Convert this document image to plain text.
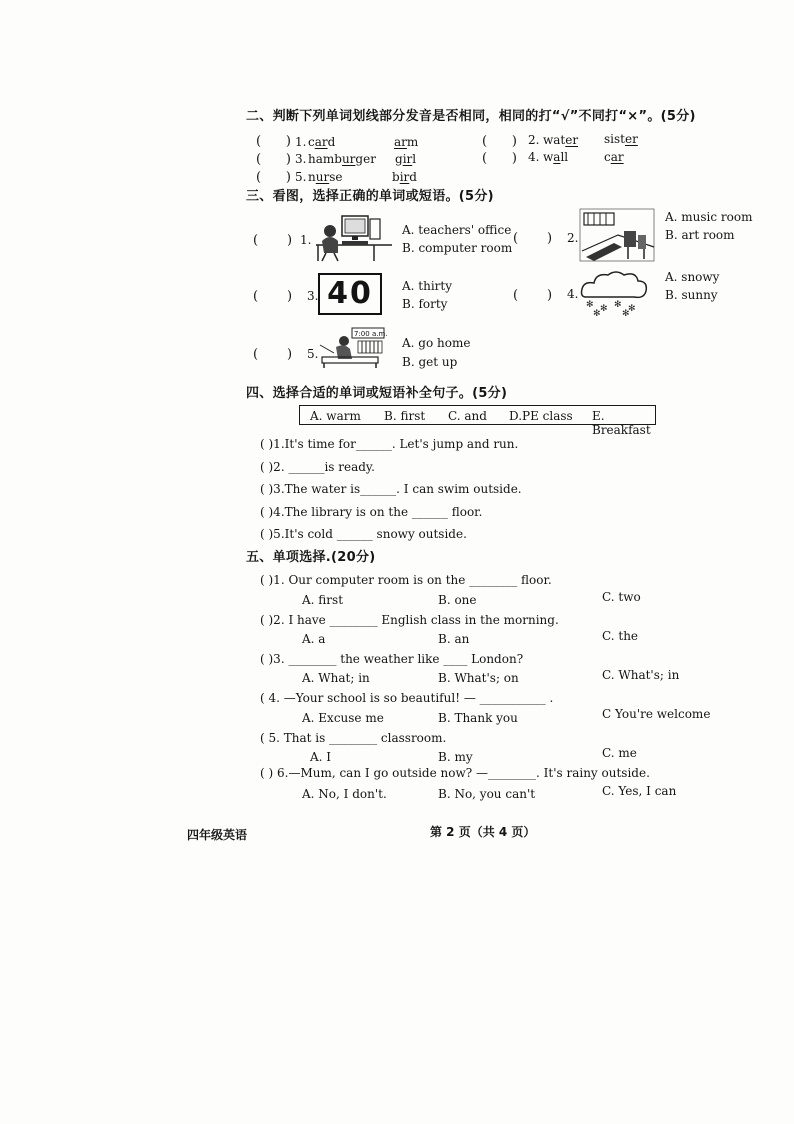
二、判断下列单词划线部分发音是否相同，相同的打“√”不同打“×”。(5分)
(      ) 1. card	arm	(      ) 2. water sister
(      ) 3. hamburger girl	(      ) 4. wall	car
(      ) 5. nurse	bird
三、看图，选择正确的单词或短语。(5分)
(       ) 1.
A. teachers' office
B. computer room
(       ) 2.
A. music room
B. art room
(       ) 3. 40	A. thirty
B. forty
(       ) 4.
✻ ✻ ✻ ✻
✻ ✻
A. snowy
B. sunny
(       ) 5.
7:00 a.m.
A. go home
B. get up
四、选择合适的单词或短语补全句子。(5分)
A. warm B. first C. and D.PE class E. Breakfast
( )1.It's time for______. Let's jump and run.
( )2. ______is ready.
( )3.The water is______. I can swim outside.
( )4.The library is on the ______ floor.
( )5.It's cold ______ snowy outside.
五、单项选择.(20分)
( )1. Our computer room is on the ________ floor.
A. first	B. one	C. two
( )2. I have ________ English class in the morning.
A. a	B. an	C. the
( )3. ________ the weather like ____ London?
A. What; in	B. What's; on	C. What's; in
( 4. —Your school is so beautiful! — ___________ .
A. Excuse me	B. Thank you	C You're welcome
( 5. That is ________ classroom.
A. I	B. my	C. me
( ) 6.—Mum, can I go outside now? —________. It's rainy outside.
A. No, I don't.	B. No, you can't	C. Yes, I can
四年级英语	第 2 页（共 4 页）
